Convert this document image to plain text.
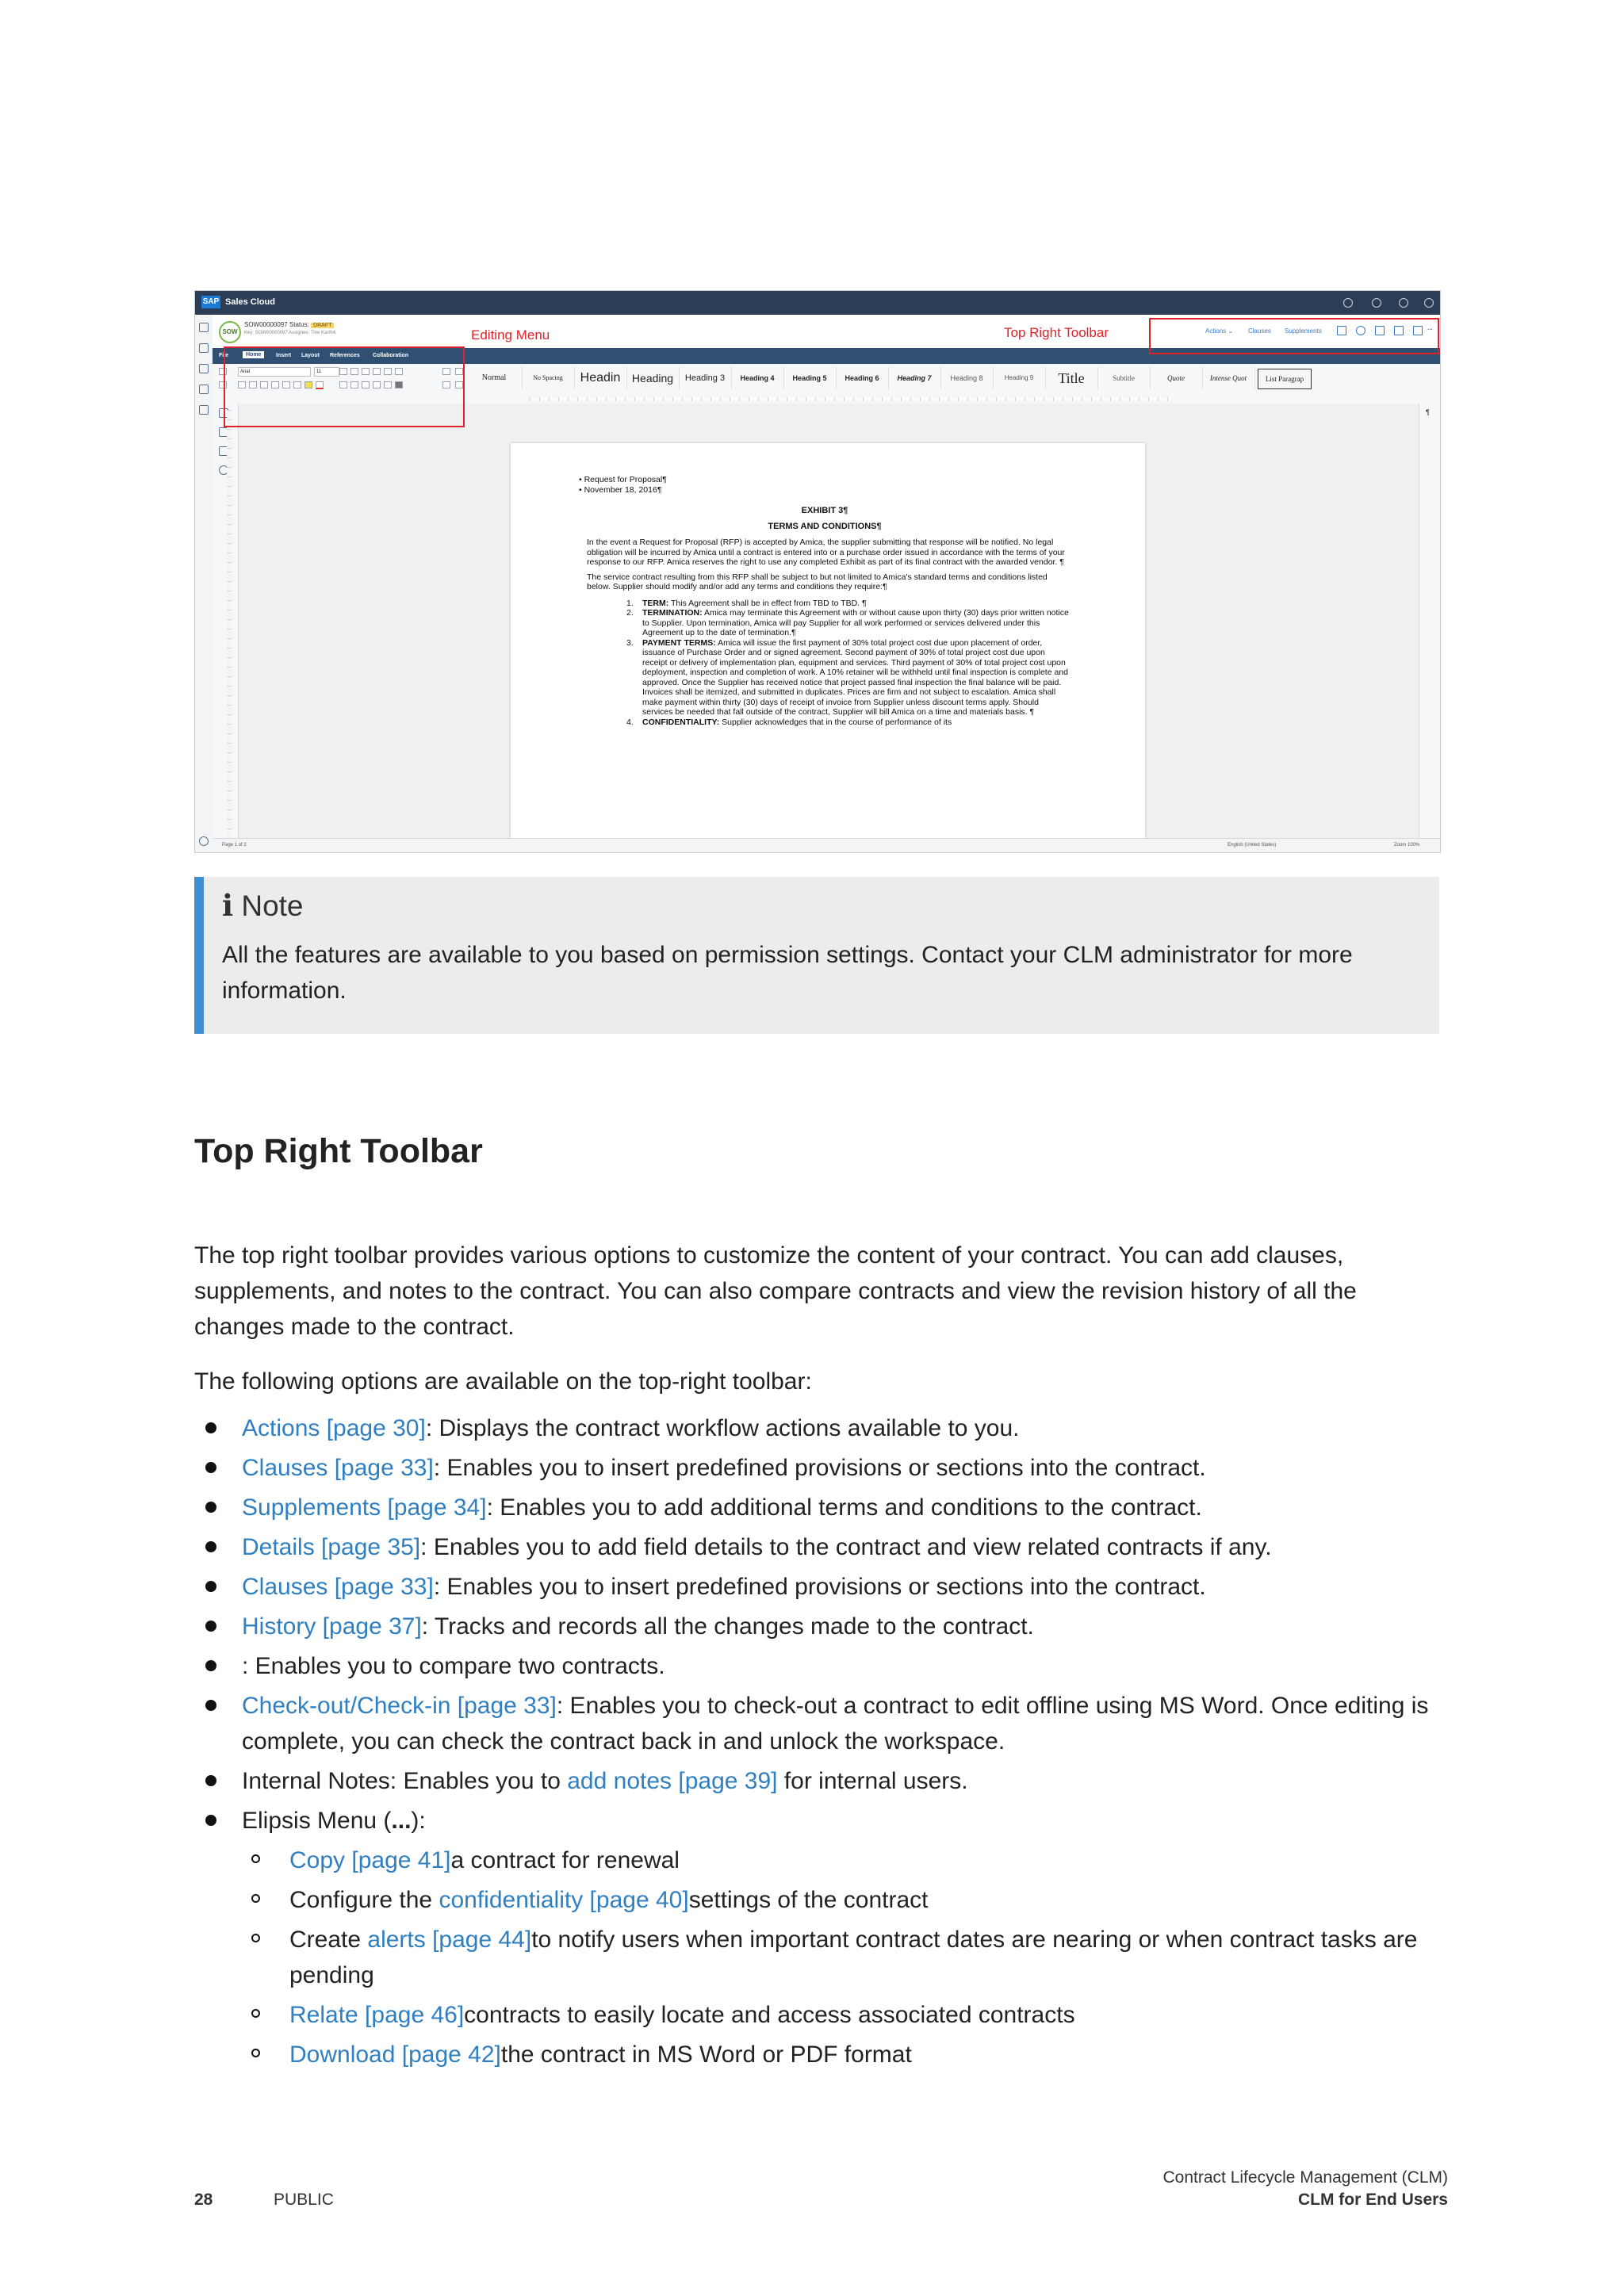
SAP Sales Cloud
SOW
SOW00000097 Status: DRAFT
Key: SOW00000097 Assignee: Tine Karthik	Actions ⌄ Clauses Supplements	...
File	Home	Insert Layout References Collaboration
Tine Karthik
Arial	11
Normal	No Spacing	Headin	Heading	Heading 3	Heading 4	Heading 5	Heading 6	Heading 7	Heading 8	Heading 9	Title	Subtitle	Quote	Intense Quot	List Paragrap
¶

• Request for Proposal¶

• November 18, 2016¶

EXHIBIT 3¶

TERMS AND CONDITIONS¶

In the event a Request for Proposal (RFP) is accepted by Amica, the supplier submitting that response will be notified. No legal obligation will be incurred by Amica until a contract is entered into or a purchase order issued in accordance with the terms of your response to our RFP. Amica reserves the right to use any completed Exhibit as part of its final contract with the awarded vendor. ¶

The service contract resulting from this RFP shall be subject to but not limited to Amica's standard terms and conditions listed below. Supplier should modify and/or add any terms and conditions they require:¶

1. TERM: This Agreement shall be in effect from TBD to TBD. ¶

2. TERMINATION: Amica may terminate this Agreement with or without cause upon thirty (30) days prior written notice to Supplier. Upon termination, Amica will pay Supplier for all work performed or services delivered under this Agreement up to the date of termination.¶

3. PAYMENT TERMS: Amica will issue the first payment of 30% total project cost due upon placement of order, issuance of Purchase Order and or signed agreement. Second payment of 30% of total project cost due upon receipt or delivery of implementation plan, equipment and services. Third payment of 30% of total project cost upon deployment, inspection and completion of work. A 10% retainer will be withheld until final inspection is complete and approved. Once the Supplier has received notice that project passed final inspection the final balance will be paid. Invoices shall be itemized, and submitted in duplicates. Prices are firm and not subject to escalation. Amica shall make payment within thirty (30) days of receipt of invoice from Supplier unless discount terms apply. Should services be needed that fall outside of the contract, Supplier will bill Amica on a time and materials basis. ¶

4. CONFIDENTIALITY: Supplier acknowledges that in the course of performance of its

Page 1 of 2	English (United States)	Zoom 100%
Editing Menu	Top Right Toolbar
i Note
All the features are available to you based on permission settings. Contact your CLM administrator for more information.
Top Right Toolbar

The top right toolbar provides various options to customize the content of your contract. You can add clauses, supplements, and notes to the contract. You can also compare contracts and view the revision history of all the changes made to the contract.

The following options are available on the top-right toolbar:

Actions [page 30]: Displays the contract workflow actions available to you.
Clauses [page 33]: Enables you to insert predefined provisions or sections into the contract.
Supplements [page 34]: Enables you to add additional terms and conditions to the contract.
Details [page 35]: Enables you to add field details to the contract and view related contracts if any.
Clauses [page 33]: Enables you to insert predefined provisions or sections into the contract.
History [page 37]: Tracks and records all the changes made to the contract.
: Enables you to compare two contracts.
Check-out/Check-in [page 33]: Enables you to check-out a contract to edit offline using MS Word. Once editing is complete, you can check the contract back in and unlock the workspace.
Internal Notes: Enables you to add notes [page 39] for internal users.
Elipsis Menu (...):
Copy [page 41]a contract for renewal
Configure the confidentiality [page 40]settings of the contract
Create alerts [page 44]to notify users when important contract dates are nearing or when contract tasks are pending
Relate [page 46]contracts to easily locate and access associated contracts
Download [page 42]the contract in MS Word or PDF format
28	PUBLIC
Contract Lifecycle Management (CLM)
CLM for End Users
